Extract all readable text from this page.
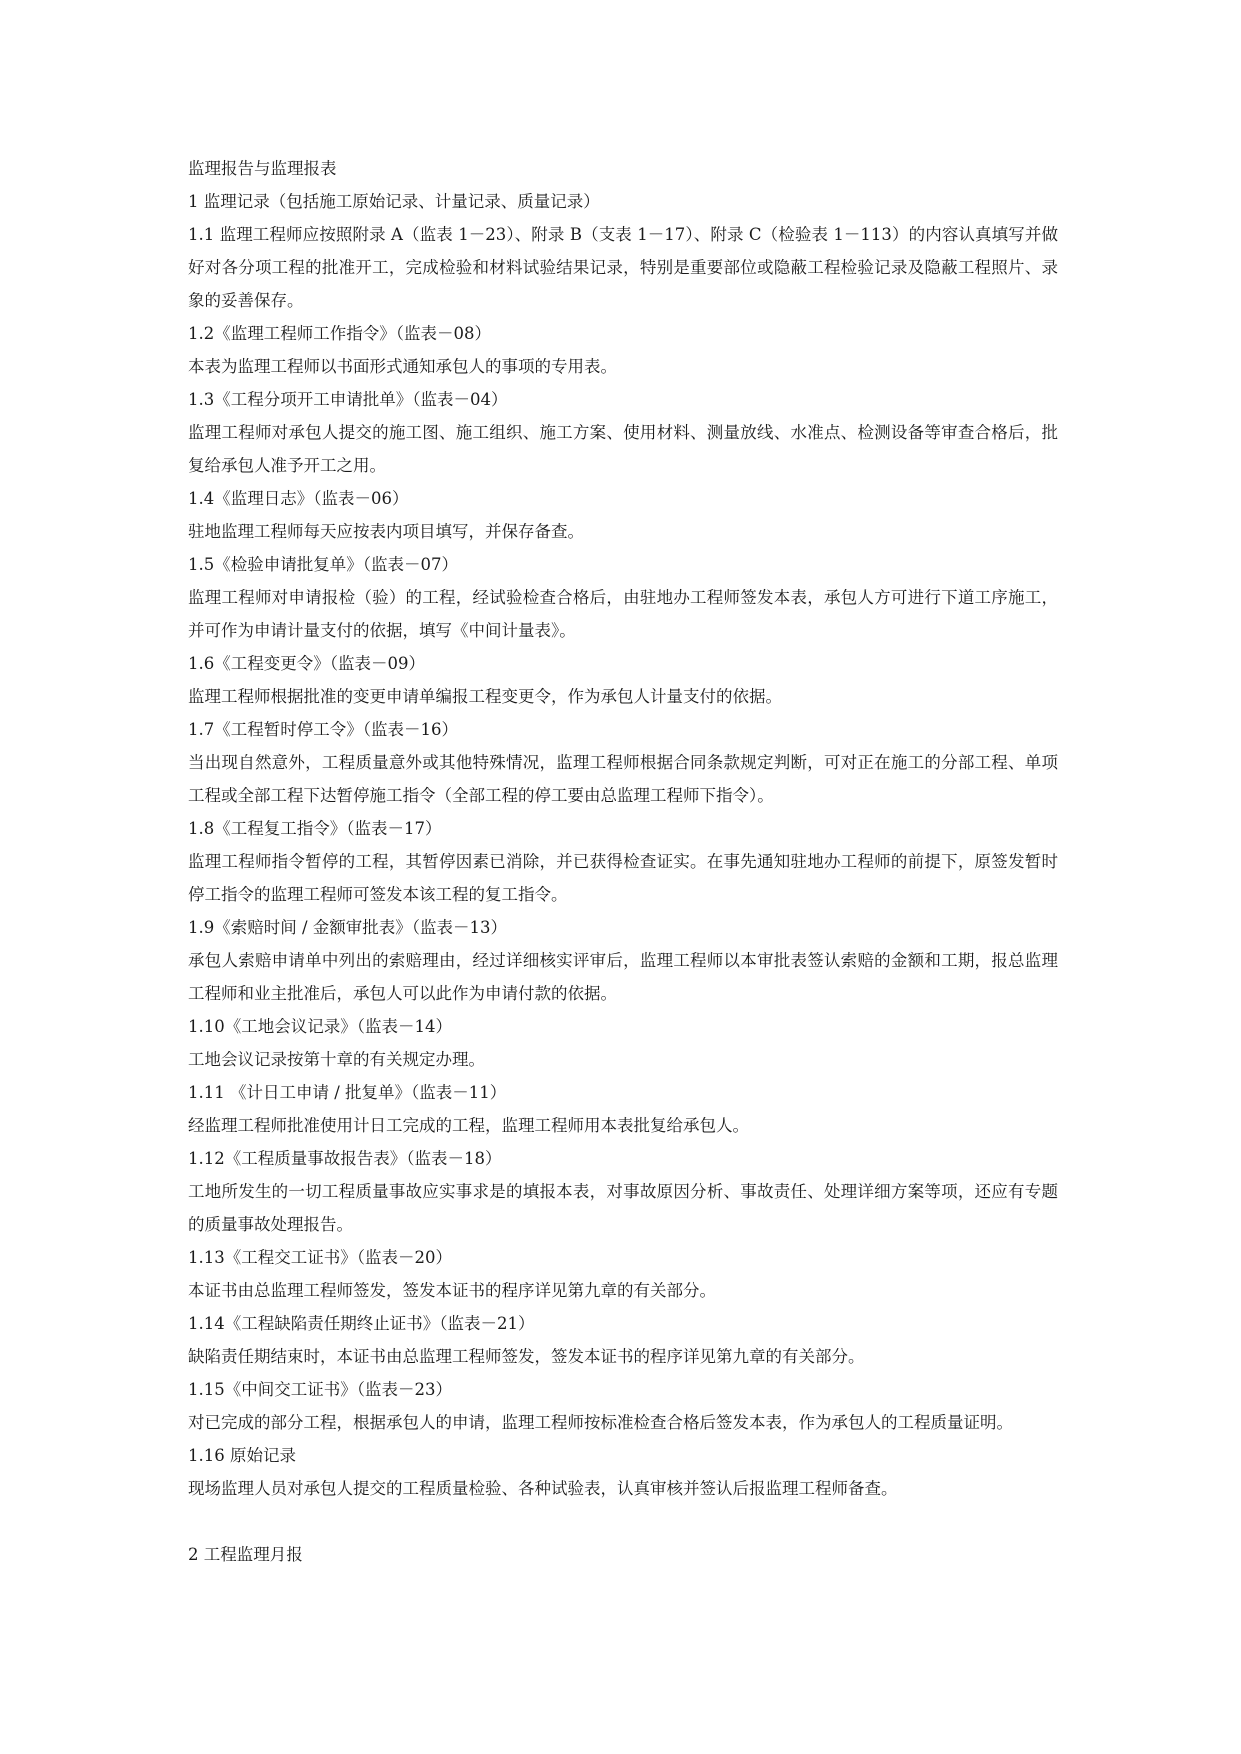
监理报告与监理报表
1 监理记录（包括施工原始记录、计量记录、质量记录）
1.1 监理工程师应按照附录 A（监表 1－23）、附录 B（支表 1－17）、附录 C（检验表 1－113）的内容认真填写并做好对各分项工程的批准开工，完成检验和材料试验结果记录，特别是重要部位或隐蔽工程检验记录及隐蔽工程照片、录象的妥善保存。
1.2《监理工程师工作指令》（监表－08）
本表为监理工程师以书面形式通知承包人的事项的专用表。
1.3《工程分项开工申请批单》（监表－04）
监理工程师对承包人提交的施工图、施工组织、施工方案、使用材料、测量放线、水准点、检测设备等审查合格后，批复给承包人准予开工之用。
1.4《监理日志》（监表－06）
驻地监理工程师每天应按表内项目填写，并保存备查。
1.5《检验申请批复单》（监表－07）
监理工程师对申请报检（验）的工程，经试验检查合格后，由驻地办工程师签发本表，承包人方可进行下道工序施工，并可作为申请计量支付的依据，填写《中间计量表》。
1.6《工程变更令》（监表－09）
监理工程师根据批准的变更申请单编报工程变更令，作为承包人计量支付的依据。
1.7《工程暂时停工令》（监表－16）
当出现自然意外，工程质量意外或其他特殊情况，监理工程师根据合同条款规定判断，可对正在施工的分部工程、单项工程或全部工程下达暂停施工指令（全部工程的停工要由总监理工程师下指令）。
1.8《工程复工指令》（监表－17）
监理工程师指令暂停的工程，其暂停因素已消除，并已获得检查证实。在事先通知驻地办工程师的前提下，原签发暂时停工指令的监理工程师可签发本该工程的复工指令。
1.9《索赔时间 / 金额审批表》（监表－13）
承包人索赔申请单中列出的索赔理由，经过详细核实评审后，监理工程师以本审批表签认索赔的金额和工期，报总监理工程师和业主批准后，承包人可以此作为申请付款的依据。
1.10《工地会议记录》（监表－14）
工地会议记录按第十章的有关规定办理。
1.11 《计日工申请 / 批复单》（监表－11）
经监理工程师批准使用计日工完成的工程，监理工程师用本表批复给承包人。
1.12《工程质量事故报告表》（监表－18）
工地所发生的一切工程质量事故应实事求是的填报本表，对事故原因分析、事故责任、处理详细方案等项，还应有专题的质量事故处理报告。
1.13《工程交工证书》（监表－20）
本证书由总监理工程师签发，签发本证书的程序详见第九章的有关部分。
1.14《工程缺陷责任期终止证书》（监表－21）
缺陷责任期结束时，本证书由总监理工程师签发，签发本证书的程序详见第九章的有关部分。
1.15《中间交工证书》（监表－23）
对已完成的部分工程，根据承包人的申请，监理工程师按标准检查合格后签发本表，作为承包人的工程质量证明。
1.16 原始记录
现场监理人员对承包人提交的工程质量检验、各种试验表，认真审核并签认后报监理工程师备查。
2 工程监理月报
